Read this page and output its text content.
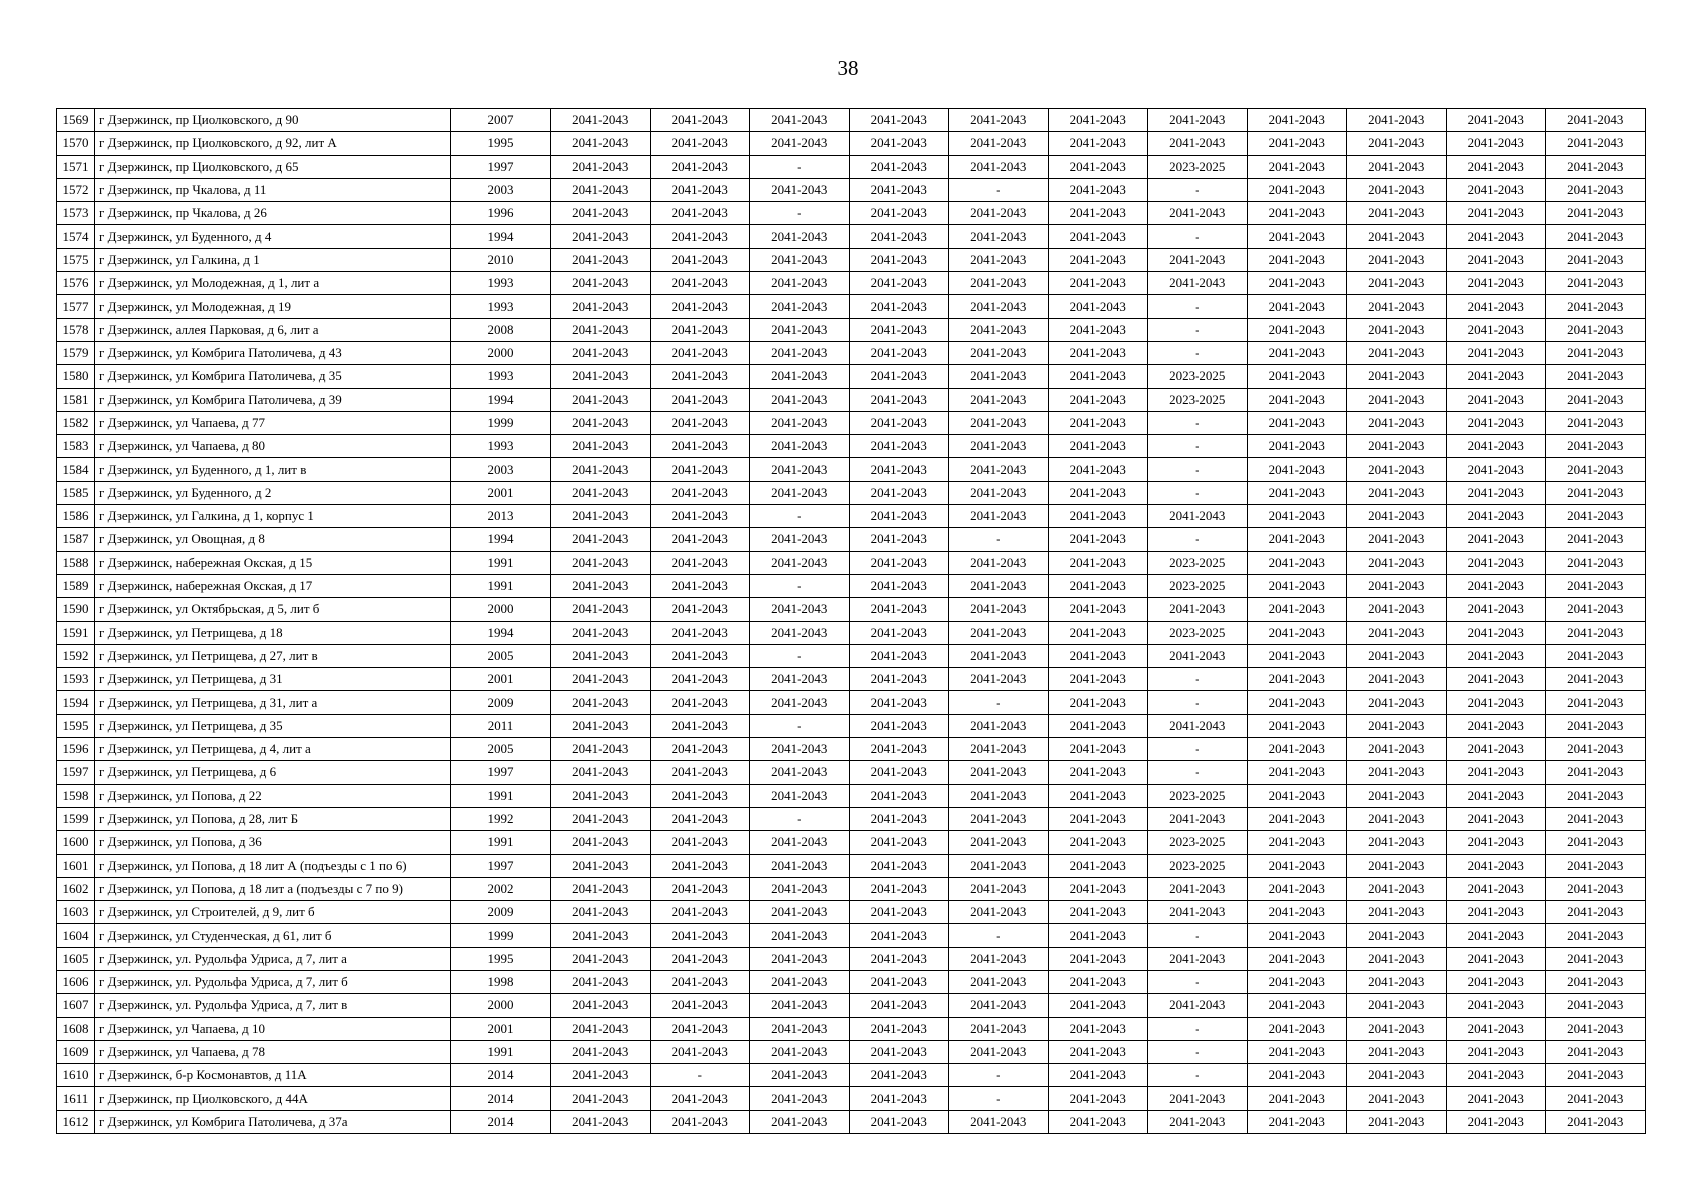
38
1569	г Дзержинск, пр Циолковского, д 90	2007	2041-2043	2041-2043	2041-2043	2041-2043	2041-2043	2041-2043	2041-2043	2041-2043	2041-2043	2041-2043	2041-2043
1570	г Дзержинск, пр Циолковского, д 92, лит А	1995	2041-2043	2041-2043	2041-2043	2041-2043	2041-2043	2041-2043	2041-2043	2041-2043	2041-2043	2041-2043	2041-2043
1571	г Дзержинск, пр Циолковского, д 65	1997	2041-2043	2041-2043	-	2041-2043	2041-2043	2041-2043	2023-2025	2041-2043	2041-2043	2041-2043	2041-2043
1572	г Дзержинск, пр Чкалова, д 11	2003	2041-2043	2041-2043	2041-2043	2041-2043	-	2041-2043	-	2041-2043	2041-2043	2041-2043	2041-2043
1573	г Дзержинск, пр Чкалова, д 26	1996	2041-2043	2041-2043	-	2041-2043	2041-2043	2041-2043	2041-2043	2041-2043	2041-2043	2041-2043	2041-2043
1574	г Дзержинск, ул Буденного, д 4	1994	2041-2043	2041-2043	2041-2043	2041-2043	2041-2043	2041-2043	-	2041-2043	2041-2043	2041-2043	2041-2043
1575	г Дзержинск, ул Галкина, д 1	2010	2041-2043	2041-2043	2041-2043	2041-2043	2041-2043	2041-2043	2041-2043	2041-2043	2041-2043	2041-2043	2041-2043
1576	г Дзержинск, ул Молодежная, д 1, лит а	1993	2041-2043	2041-2043	2041-2043	2041-2043	2041-2043	2041-2043	2041-2043	2041-2043	2041-2043	2041-2043	2041-2043
1577	г Дзержинск, ул Молодежная, д 19	1993	2041-2043	2041-2043	2041-2043	2041-2043	2041-2043	2041-2043	-	2041-2043	2041-2043	2041-2043	2041-2043
1578	г Дзержинск, аллея Парковая, д 6, лит а	2008	2041-2043	2041-2043	2041-2043	2041-2043	2041-2043	2041-2043	-	2041-2043	2041-2043	2041-2043	2041-2043
1579	г Дзержинск, ул Комбрига Патоличева, д 43	2000	2041-2043	2041-2043	2041-2043	2041-2043	2041-2043	2041-2043	-	2041-2043	2041-2043	2041-2043	2041-2043
1580	г Дзержинск, ул Комбрига Патоличева, д 35	1993	2041-2043	2041-2043	2041-2043	2041-2043	2041-2043	2041-2043	2023-2025	2041-2043	2041-2043	2041-2043	2041-2043
1581	г Дзержинск, ул Комбрига Патоличева, д 39	1994	2041-2043	2041-2043	2041-2043	2041-2043	2041-2043	2041-2043	2023-2025	2041-2043	2041-2043	2041-2043	2041-2043
1582	г Дзержинск, ул Чапаева, д 77	1999	2041-2043	2041-2043	2041-2043	2041-2043	2041-2043	2041-2043	-	2041-2043	2041-2043	2041-2043	2041-2043
1583	г Дзержинск, ул Чапаева, д 80	1993	2041-2043	2041-2043	2041-2043	2041-2043	2041-2043	2041-2043	-	2041-2043	2041-2043	2041-2043	2041-2043
1584	г Дзержинск, ул Буденного, д 1, лит в	2003	2041-2043	2041-2043	2041-2043	2041-2043	2041-2043	2041-2043	-	2041-2043	2041-2043	2041-2043	2041-2043
1585	г Дзержинск, ул Буденного, д 2	2001	2041-2043	2041-2043	2041-2043	2041-2043	2041-2043	2041-2043	-	2041-2043	2041-2043	2041-2043	2041-2043
1586	г Дзержинск, ул Галкина, д 1, корпус 1	2013	2041-2043	2041-2043	-	2041-2043	2041-2043	2041-2043	2041-2043	2041-2043	2041-2043	2041-2043	2041-2043
1587	г Дзержинск, ул Овощная, д 8	1994	2041-2043	2041-2043	2041-2043	2041-2043	-	2041-2043	-	2041-2043	2041-2043	2041-2043	2041-2043
1588	г Дзержинск, набережная Окская, д 15	1991	2041-2043	2041-2043	2041-2043	2041-2043	2041-2043	2041-2043	2023-2025	2041-2043	2041-2043	2041-2043	2041-2043
1589	г Дзержинск, набережная Окская, д 17	1991	2041-2043	2041-2043	-	2041-2043	2041-2043	2041-2043	2023-2025	2041-2043	2041-2043	2041-2043	2041-2043
1590	г Дзержинск, ул Октябрьская, д 5, лит б	2000	2041-2043	2041-2043	2041-2043	2041-2043	2041-2043	2041-2043	2041-2043	2041-2043	2041-2043	2041-2043	2041-2043
1591	г Дзержинск, ул Петрищева, д 18	1994	2041-2043	2041-2043	2041-2043	2041-2043	2041-2043	2041-2043	2023-2025	2041-2043	2041-2043	2041-2043	2041-2043
1592	г Дзержинск, ул Петрищева, д 27, лит в	2005	2041-2043	2041-2043	-	2041-2043	2041-2043	2041-2043	2041-2043	2041-2043	2041-2043	2041-2043	2041-2043
1593	г Дзержинск, ул Петрищева, д 31	2001	2041-2043	2041-2043	2041-2043	2041-2043	2041-2043	2041-2043	-	2041-2043	2041-2043	2041-2043	2041-2043
1594	г Дзержинск, ул Петрищева, д 31, лит а	2009	2041-2043	2041-2043	2041-2043	2041-2043	-	2041-2043	-	2041-2043	2041-2043	2041-2043	2041-2043
1595	г Дзержинск, ул Петрищева, д 35	2011	2041-2043	2041-2043	-	2041-2043	2041-2043	2041-2043	2041-2043	2041-2043	2041-2043	2041-2043	2041-2043
1596	г Дзержинск, ул Петрищева, д 4, лит а	2005	2041-2043	2041-2043	2041-2043	2041-2043	2041-2043	2041-2043	-	2041-2043	2041-2043	2041-2043	2041-2043
1597	г Дзержинск, ул Петрищева, д 6	1997	2041-2043	2041-2043	2041-2043	2041-2043	2041-2043	2041-2043	-	2041-2043	2041-2043	2041-2043	2041-2043
1598	г Дзержинск, ул Попова, д 22	1991	2041-2043	2041-2043	2041-2043	2041-2043	2041-2043	2041-2043	2023-2025	2041-2043	2041-2043	2041-2043	2041-2043
1599	г Дзержинск, ул Попова, д 28, лит Б	1992	2041-2043	2041-2043	-	2041-2043	2041-2043	2041-2043	2041-2043	2041-2043	2041-2043	2041-2043	2041-2043
1600	г Дзержинск, ул Попова, д 36	1991	2041-2043	2041-2043	2041-2043	2041-2043	2041-2043	2041-2043	2023-2025	2041-2043	2041-2043	2041-2043	2041-2043
1601	г Дзержинск, ул Попова, д 18 лит А (подъезды с 1 по 6)	1997	2041-2043	2041-2043	2041-2043	2041-2043	2041-2043	2041-2043	2023-2025	2041-2043	2041-2043	2041-2043	2041-2043
1602	г Дзержинск, ул Попова, д 18 лит а (подъезды с 7 по 9)	2002	2041-2043	2041-2043	2041-2043	2041-2043	2041-2043	2041-2043	2041-2043	2041-2043	2041-2043	2041-2043	2041-2043
1603	г Дзержинск, ул Строителей, д 9, лит б	2009	2041-2043	2041-2043	2041-2043	2041-2043	2041-2043	2041-2043	2041-2043	2041-2043	2041-2043	2041-2043	2041-2043
1604	г Дзержинск, ул Студенческая, д 61, лит б	1999	2041-2043	2041-2043	2041-2043	2041-2043	-	2041-2043	-	2041-2043	2041-2043	2041-2043	2041-2043
1605	г Дзержинск, ул. Рудольфа Удриса, д 7, лит а	1995	2041-2043	2041-2043	2041-2043	2041-2043	2041-2043	2041-2043	2041-2043	2041-2043	2041-2043	2041-2043	2041-2043
1606	г Дзержинск, ул. Рудольфа Удриса, д 7, лит б	1998	2041-2043	2041-2043	2041-2043	2041-2043	2041-2043	2041-2043	-	2041-2043	2041-2043	2041-2043	2041-2043
1607	г Дзержинск, ул. Рудольфа Удриса, д 7, лит в	2000	2041-2043	2041-2043	2041-2043	2041-2043	2041-2043	2041-2043	2041-2043	2041-2043	2041-2043	2041-2043	2041-2043
1608	г Дзержинск, ул Чапаева, д 10	2001	2041-2043	2041-2043	2041-2043	2041-2043	2041-2043	2041-2043	-	2041-2043	2041-2043	2041-2043	2041-2043
1609	г Дзержинск, ул Чапаева, д 78	1991	2041-2043	2041-2043	2041-2043	2041-2043	2041-2043	2041-2043	-	2041-2043	2041-2043	2041-2043	2041-2043
1610	г Дзержинск, б-р Космонавтов, д 11А	2014	2041-2043	-	2041-2043	2041-2043	-	2041-2043	-	2041-2043	2041-2043	2041-2043	2041-2043
1611	г Дзержинск, пр Циолковского, д 44А	2014	2041-2043	2041-2043	2041-2043	2041-2043	-	2041-2043	2041-2043	2041-2043	2041-2043	2041-2043	2041-2043
1612	г Дзержинск, ул Комбрига Патоличева, д 37а	2014	2041-2043	2041-2043	2041-2043	2041-2043	2041-2043	2041-2043	2041-2043	2041-2043	2041-2043	2041-2043	2041-2043
